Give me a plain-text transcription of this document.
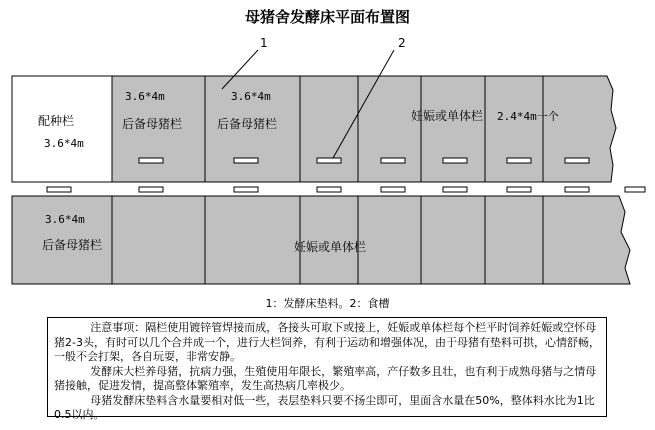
母猪舍发酵床平面布置图
1	2
配种栏
3.6*4m
3.6*4m
后备母猪栏
3.6*4m
后备母猪栏
妊娠或单体栏 2.4*4m一个
3.6*4m
后备母猪栏	妊娠或单体栏
1：发酵床垫料。2：食槽

注意事项：隔栏使用镀锌管焊接而成，各接头可取下或接上，妊娠或单体栏每个栏平时饲养妊娠或空怀母猪2-3头，有时可以几个合并成一个，进行大栏饲养，有利于运动和增强体况，由于母猪有垫料可拱，心情舒畅，一般不会打架，各自玩耍，非常安静。

发酵床大栏养母猪，抗病力强，生殖使用年限长，繁殖率高，产仔数多且壮，也有利于成熟母猪与之情母猪接触，促进发情，提高整体繁殖率，发生高热病几率极少。

母猪发酵床垫料含水量要相对低一些，表层垫料只要不扬尘即可，里面含水量在50%，整体料水比为1比0.5以内。
